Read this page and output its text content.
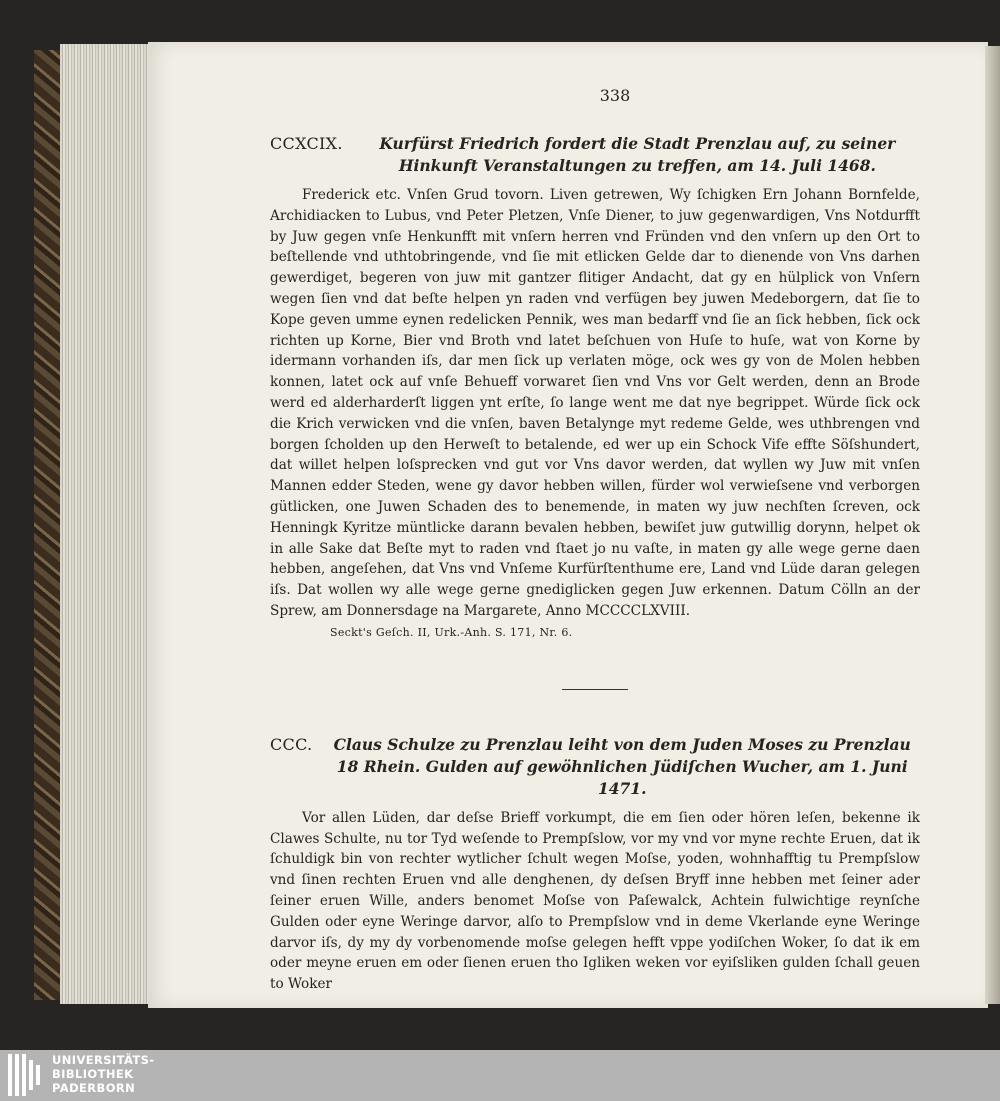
338
CCXCIX.	Kurfürst Friedrich fordert die Stadt Prenzlau auf, zu seiner Hinkunft Veranstaltungen zu treffen, am 14. Juli 1468.

Frederick etc. Vnſen Grud tovorn. Liven getrewen, Wy ſchigken Ern Johann Bornfelde, Archidiacken to Lubus, vnd Peter Pletzen, Vnſe Diener, to juw gegenwardigen, Vns Notdurfft by Juw gegen vnſe Henkunfft mit vnſern herren vnd Fründen vnd den vnſern up den Ort to beſtellende vnd uthtobringende, vnd ſie mit etlicken Gelde dar to dienende von Vns darhen gewerdiget, begeren von juw mit gantzer flitiger Andacht, dat gy en hülplick von Vnſern wegen ſien vnd dat beſte helpen yn raden vnd verfügen bey juwen Medeborgern, dat ſie to Kope geven umme eynen redelicken Pennik, wes man bedarff vnd ſie an ſick hebben, ſick ock richten up Korne, Bier vnd Broth vnd latet beſchuen von Huſe to huſe, wat von Korne by idermann vorhanden iſs, dar men ſick up verlaten möge, ock wes gy von de Molen hebben konnen, latet ock auf vnſe Behueff vorwaret ſien vnd Vns vor Gelt werden, denn an Brode werd ed alderharderſt liggen ynt erſte, ſo lange went me dat nye begrippet. Würde ſick ock die Krich verwicken vnd die vnſen, baven Betalynge myt redeme Gelde, wes uthbrengen vnd borgen ſcholden up den Herweſt to betalende, ed wer up ein Schock Vife effte Söſshundert, dat willet helpen loſsprecken vnd gut vor Vns davor werden, dat wyllen wy Juw mit vnſen Mannen edder Steden, wene gy davor hebben willen, fürder wol verwieſsene vnd verborgen gütlicken, one Juwen Schaden des to benemende, in maten wy juw nechſten ſcreven, ock Henningk Kyritze müntlicke darann bevalen hebben, bewiſet juw gutwillig dorynn, helpet ok in alle Sake dat Beſte myt to raden vnd ſtaet jo nu vaſte, in maten gy alle wege gerne daen hebben, angeſehen, dat Vns vnd Vnſeme Kurfürſtenthume ere, Land vnd Lüde daran gelegen iſs. Dat wollen wy alle wege gerne gnediglicken gegen Juw erkennen. Datum Cölln an der Sprew, am Donnersdage na Margarete, Anno MCCCCLXVIII.

Seckt's Geſch. II, Urk.-Anh. S. 171, Nr. 6.
CCC.	Claus Schulze zu Prenzlau leiht von dem Juden Moses zu Prenzlau 18 Rhein. Gulden auf gewöhnlichen Jüdiſchen Wucher, am 1. Juni 1471.

Vor allen Lüden, dar deſse Brieff vorkumpt, die em ſien oder hören leſen, bekenne ik Clawes Schulte, nu tor Tyd weſende to Prempſslow, vor my vnd vor myne rechte Eruen, dat ik ſchuldigk bin von rechter wytlicher ſchult wegen Moſse, yoden, wohnhafftig tu Prempſslow vnd ſinen rechten Eruen vnd alle denghenen, dy deſsen Bryff inne hebben met ſeiner ader ſeiner eruen Wille, anders benomet Moſse von Paſewalck, Achtein fulwichtige reynſche Gulden oder eyne Weringe darvor, alſo to Prempſslow vnd in deme Vkerlande eyne Weringe darvor iſs, dy my dy vorbenomende moſse gelegen hefft vppe yodiſchen Woker, ſo dat ik em oder meyne eruen em oder ſienen eruen tho Igliken weken vor eyiſsliken gulden ſchall geuen to Woker

UNIVERSITÄTS-
BIBLIOTHEK
PADERBORN
